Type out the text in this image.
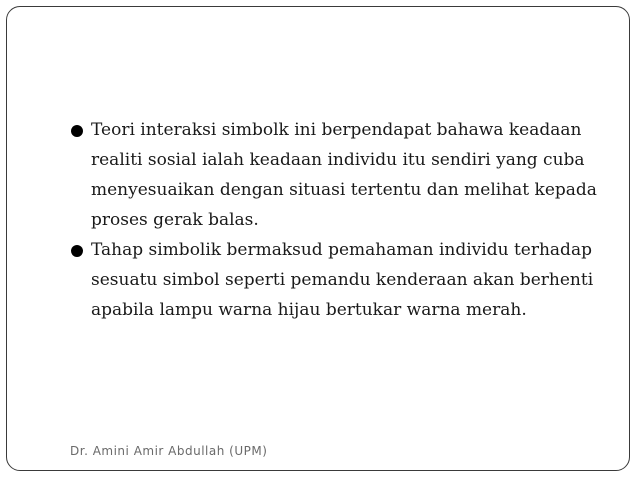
Teori interaksi simbolk ini berpendapat bahawa keadaan realiti sosial ialah keadaan individu itu sendiri yang cuba menyesuaikan dengan situasi tertentu dan melihat kepada proses gerak balas.
Tahap simbolik bermaksud pemahaman individu terhadap sesuatu simbol seperti pemandu kenderaan akan berhenti apabila lampu warna hijau bertukar warna merah.
Dr. Amini Amir Abdullah (UPM)
